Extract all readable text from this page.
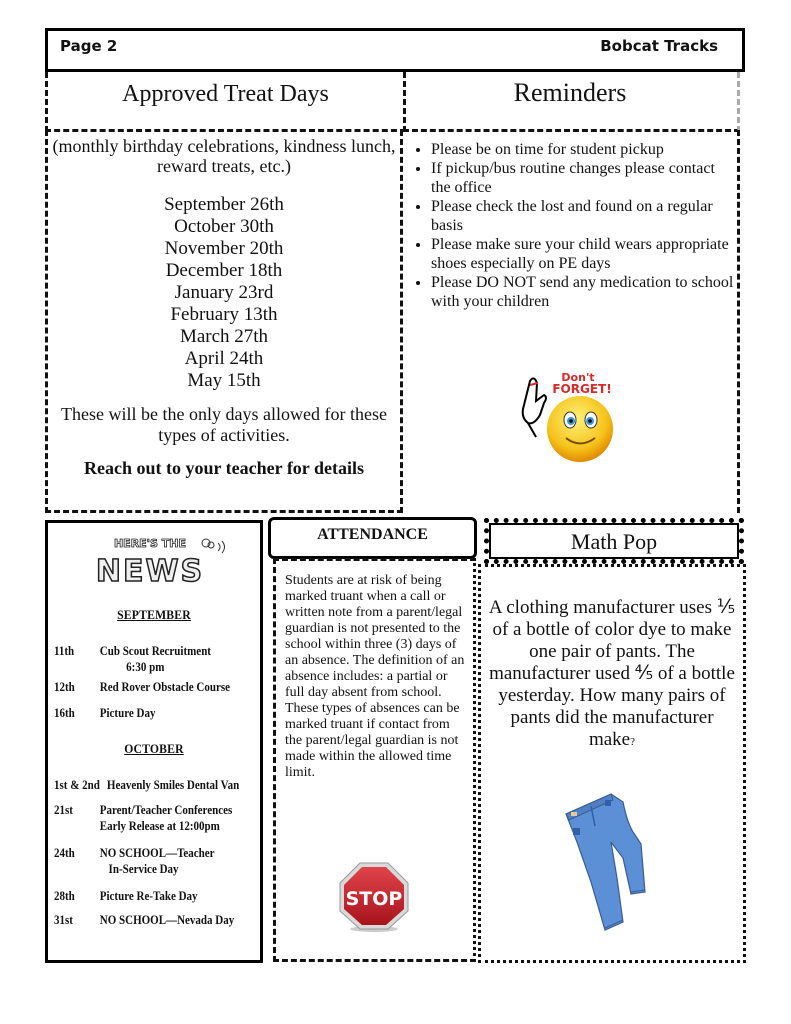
Page 2	Bobcat Tracks
Approved Treat Days
(monthly birthday celebrations, kindness lunch, reward treats, etc.)
September 26th
October 30th
November 20th
December 18th
January 23rd
February 13th
March 27th
April 24th
May 15th
These will be the only days allowed for these types of activities.
Reach out to your teacher for details
Reminders
• Please be on time for student pickup
• If pickup/bus routine changes please contact the office
• Please check the lost and found on a regular basis
• Please make sure your child wears appropriate shoes especially on PE days
• Please DO NOT send any medication to school with your children
Don't
FORGET!
HERE'S THE
NEWS
SEPTEMBER
11th Cub Scout Recruitment
6:30 pm
12th Red Rover Obstacle Course
16th Picture Day
OCTOBER
1st & 2nd Heavenly Smiles Dental Van
21st Parent/Teacher Conferences
Early Release at 12:00pm
24th NO SCHOOL—Teacher
In-Service Day
28th Picture Re-Take Day
31st NO SCHOOL—Nevada Day
ATTENDANCE
Students are at risk of being marked truant when a call or written note from a parent/legal guardian is not presented to the school within three (3) days of an absence. The definition of an absence includes: a partial or full day absent from school. These types of absences can be marked truant if contact from the parent/legal guardian is not made within the allowed time limit.
STOP
Math Pop
A clothing manufacturer uses ⅕ of a bottle of color dye to make one pair of pants. The manufacturer used ⅘ of a bottle yesterday. How many pairs of pants did the manufacturer make?
